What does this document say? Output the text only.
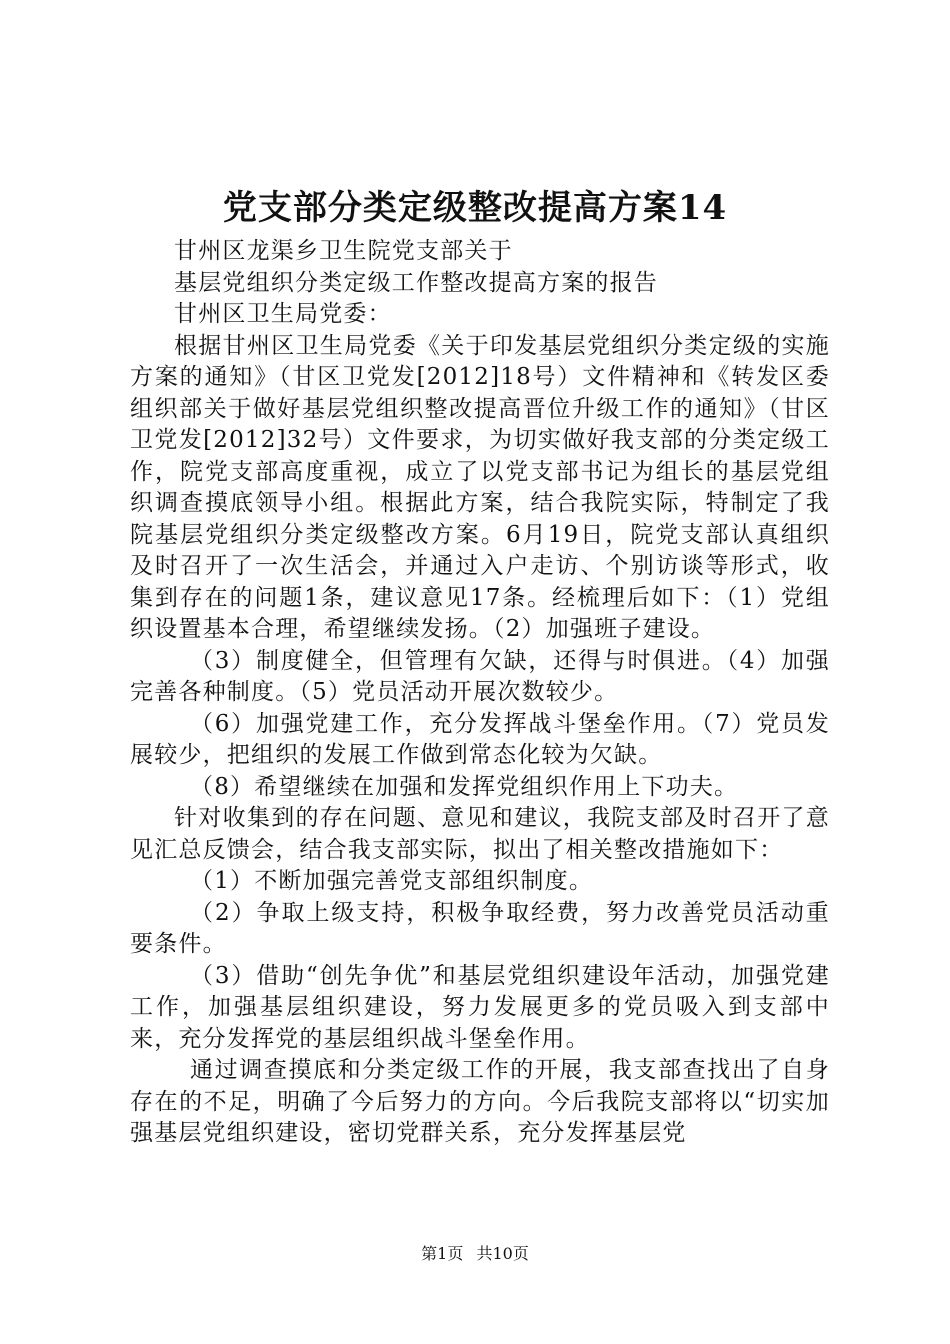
党支部分类定级整改提高方案14

甘州区龙渠乡卫生院党支部关于

基层党组织分类定级工作整改提高方案的报告

甘州区卫生局党委：

根据甘州区卫生局党委《关于印发基层党组织分类定级的实施方案的通知》（甘区卫党发[2012]18号）文件精神和《转发区委组织部关于做好基层党组织整改提高晋位升级工作的通知》（甘区卫党发[2012]32号）文件要求，为切实做好我支部的分类定级工作，院党支部高度重视，成立了以党支部书记为组长的基层党组织调查摸底领导小组。根据此方案，结合我院实际，特制定了我院基层党组织分类定级整改方案。6月19日，院党支部认真组织及时召开了一次生活会，并通过入户走访、个别访谈等形式，收集到存在的问题1条，建议意见17条。经梳理后如下：（1）党组织设置基本合理，希望继续发扬。（2）加强班子建设。

（3）制度健全，但管理有欠缺，还得与时俱进。（4）加强完善各种制度。（5）党员活动开展次数较少。

（6）加强党建工作，充分发挥战斗堡垒作用。（7）党员发展较少，把组织的发展工作做到常态化较为欠缺。

（8）希望继续在加强和发挥党组织作用上下功夫。

针对收集到的存在问题、意见和建议，我院支部及时召开了意见汇总反馈会，结合我支部实际，拟出了相关整改措施如下：

（1）不断加强完善党支部组织制度。

（2）争取上级支持，积极争取经费，努力改善党员活动重要条件。

（3）借助“创先争优”和基层党组织建设年活动，加强党建工作，加强基层组织建设，努力发展更多的党员吸入到支部中来，充分发挥党的基层组织战斗堡垒作用。

通过调查摸底和分类定级工作的开展，我支部查找出了自身存在的不足，明确了今后努力的方向。今后我院支部将以“切实加强基层党组织建设，密切党群关系，充分发挥基层党

第1页 共10页
